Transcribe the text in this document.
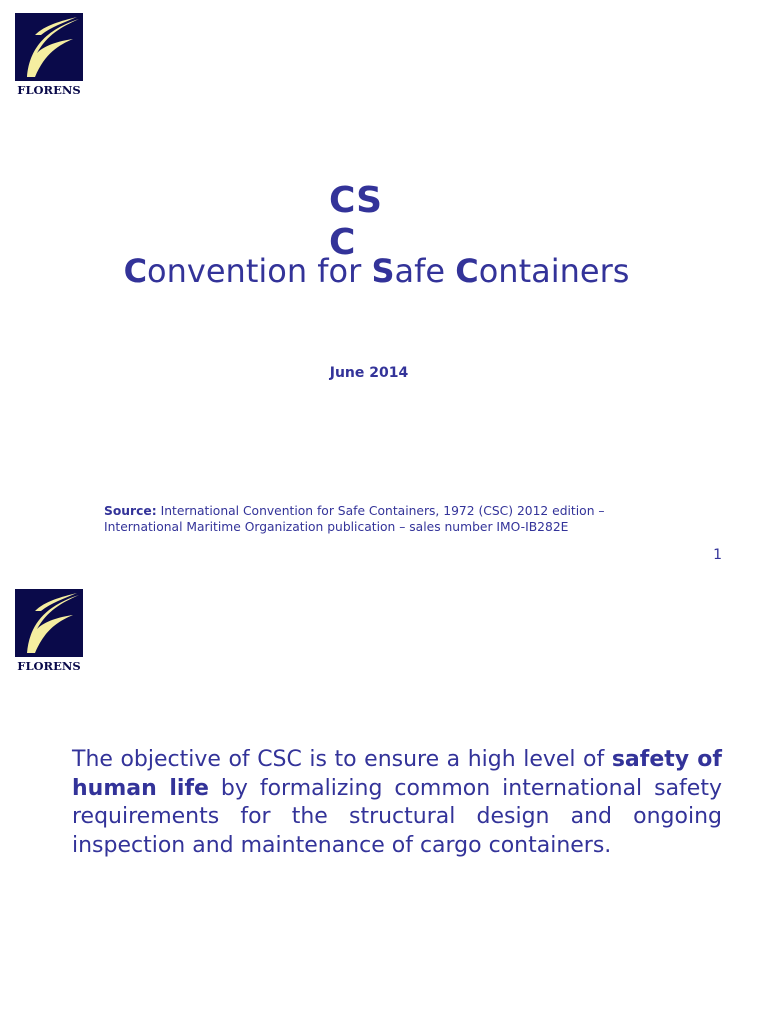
FLORENS
CSC
Convention for Safe Containers
June 2014
Source: International Convention for Safe Containers, 1972 (CSC) 2012 edition – International Maritime Organization publication – sales number IMO-IB282E
1
FLORENS
The objective of CSC is to ensure a high level of safety of human life by formalizing common international safety requirements for the structural design and ongoing inspection and maintenance of cargo containers.
